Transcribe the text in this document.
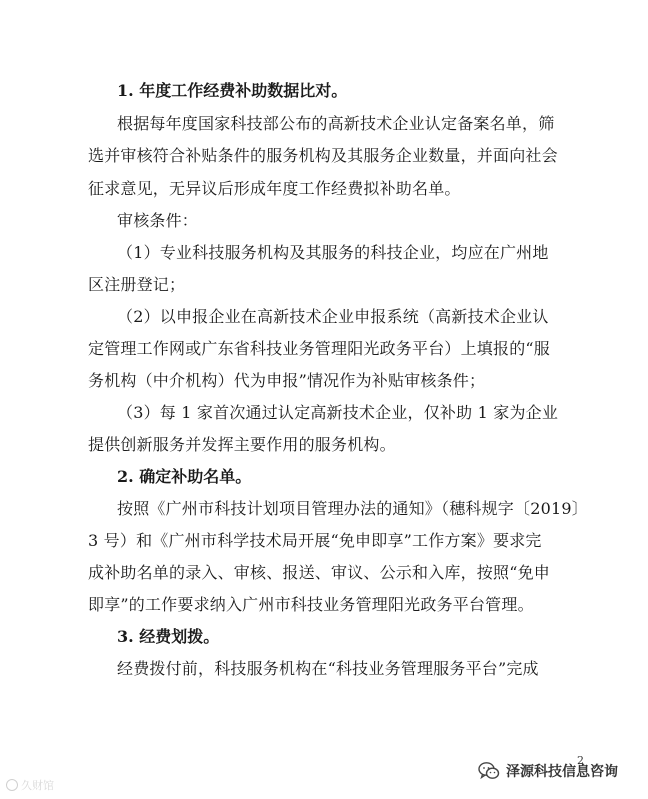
1. 年度工作经费补助数据比对。
根据每年度国家科技部公布的高新技术企业认定备案名单，筛
选并审核符合补贴条件的服务机构及其服务企业数量，并面向社会
征求意见，无异议后形成年度工作经费拟补助名单。
审核条件：
（1）专业科技服务机构及其服务的科技企业，均应在广州地
区注册登记；
（2）以申报企业在高新技术企业申报系统（高新技术企业认
定管理工作网或广东省科技业务管理阳光政务平台）上填报的“服
务机构（中介机构）代为申报”情况作为补贴审核条件；
（3）每 1 家首次通过认定高新技术企业，仅补助 1 家为企业
提供创新服务并发挥主要作用的服务机构。
2. 确定补助名单。
按照《广州市科技计划项目管理办法的通知》（穗科规字〔2019〕
3 号）和《广州市科学技术局开展“免申即享”工作方案》要求完
成补助名单的录入、审核、报送、审议、公示和入库，按照“免申
即享”的工作要求纳入广州市科技业务管理阳光政务平台管理。
3. 经费划拨。
经费拨付前，科技服务机构在“科技业务管理服务平台”完成
2
久财馆
泽源科技信息咨询
